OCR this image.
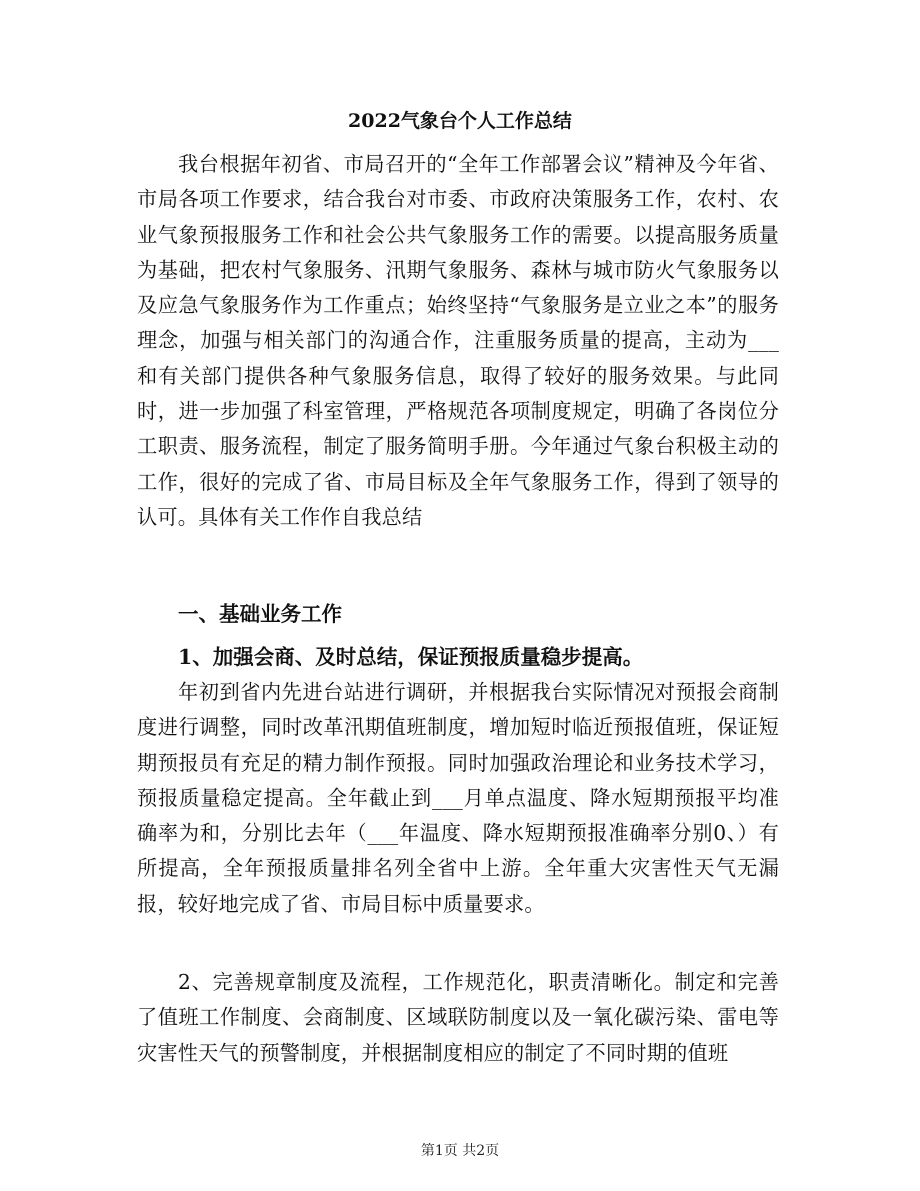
2022气象台个人工作总结
我台根据年初省、市局召开的“全年工作部署会议”精神及今年省、市局各项工作要求，结合我台对市委、市政府决策服务工作，农村、农业气象预报服务工作和社会公共气象服务工作的需要。以提高服务质量为基础，把农村气象服务、汛期气象服务、森林与城市防火气象服务以及应急气象服务作为工作重点；始终坚持“气象服务是立业之本”的服务理念，加强与相关部门的沟通合作，注重服务质量的提高，主动为___和有关部门提供各种气象服务信息，取得了较好的服务效果。与此同时，进一步加强了科室管理，严格规范各项制度规定，明确了各岗位分工职责、服务流程，制定了服务简明手册。今年通过气象台积极主动的工作，很好的完成了省、市局目标及全年气象服务工作，得到了领导的认可。具体有关工作作自我总结
一、基础业务工作
1、加强会商、及时总结，保证预报质量稳步提高。
年初到省内先进台站进行调研，并根据我台实际情况对预报会商制度进行调整，同时改革汛期值班制度，增加短时临近预报值班，保证短期预报员有充足的精力制作预报。同时加强政治理论和业务技术学习，预报质量稳定提高。全年截止到___月单点温度、降水短期预报平均准确率为和，分别比去年（___年温度、降水短期预报准确率分别0、）有所提高，全年预报质量排名列全省中上游。全年重大灾害性天气无漏报，较好地完成了省、市局目标中质量要求。
2、完善规章制度及流程，工作规范化，职责清晰化。制定和完善了值班工作制度、会商制度、区域联防制度以及一氧化碳污染、雷电等灾害性天气的预警制度，并根据制度相应的制定了不同时期的值班
第1页 共2页
